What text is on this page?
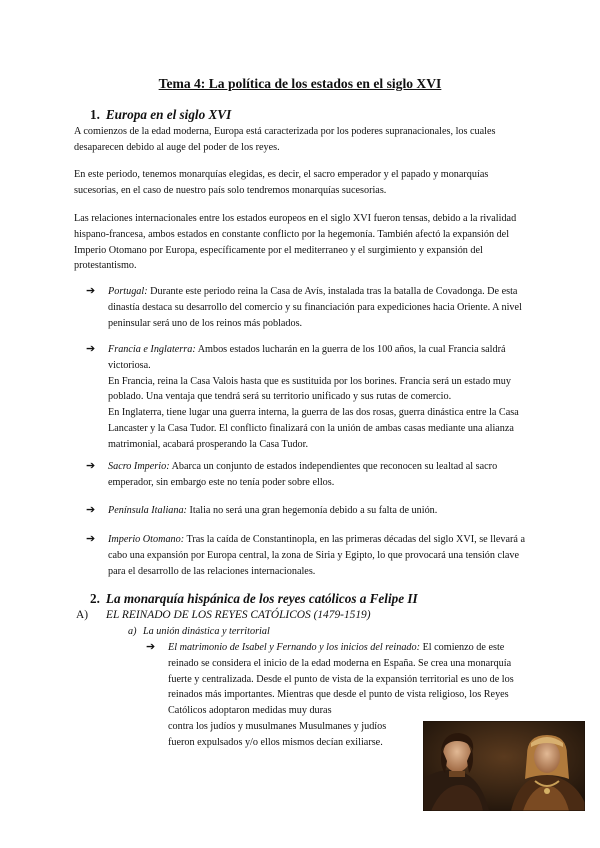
Tema 4: La política de los estados en el siglo XVI
1. Europa en el siglo XVI

A comienzos de la edad moderna, Europa está caracterizada por los poderes supranacionales, los cuales desaparecen debido al auge del poder de los reyes.

En este periodo, tenemos monarquías elegidas, es decir, el sacro emperador y el papado y monarquías sucesorias, en el caso de nuestro país solo tendremos monarquías sucesorias.

Las relaciones internacionales entre los estados europeos en el siglo XVI fueron tensas, debido a la rivalidad hispano-francesa, ambos estados en constante conflicto por la hegemonía. También afectó la expansión del Imperio Otomano por Europa, específicamente por el mediterraneo y el surgimiento y expansión del protestantismo.

➔ Portugal: Durante este periodo reina la Casa de Avís, instalada tras la batalla de Covadonga. De esta dinastía destaca su desarrollo del comercio y su financiación para expediciones hacia Oriente. A nivel peninsular será uno de los reinos más poblados.

➔ Francia e Inglaterra: Ambos estados lucharán en la guerra de los 100 años, la cual Francia saldrá victoriosa.
En Francia, reina la Casa Valois hasta que es sustituida por los borines. Francia será un estado muy poblado. Una ventaja que tendrá será su territorio unificado y sus rutas de comercio.
En Inglaterra, tiene lugar una guerra interna, la guerra de las dos rosas, guerra dinástica entre la Casa Lancaster y la Casa Tudor. El conflicto finalizará con la unión de ambas casas mediante una alianza matrimonial, acabará prosperando la Casa Tudor.
➔ Sacro Imperio: Abarca un conjunto de estados independientes que reconocen su lealtad al sacro emperador, sin embargo este no tenía poder sobre ellos.

➔ Península Italiana: Italia no será una gran hegemonía debido a su falta de unión.

➔ Imperio Otomano: Tras la caída de Constantinopla, en las primeras décadas del siglo XVI, se llevará a cabo una expansión por Europa central, la zona de Siria y Egipto, lo que provocará una tensión clave para el desarrollo de las relaciones internacionales.

2. La monarquía hispánica de los reyes católicos a Felipe II

A) EL REINADO DE LOS REYES CATÓLICOS (1479-1519)

a) La unión dinástica y territorial

➔ El matrimonio de Isabel y Fernando y los inicios del reinado: El comienzo de este reinado se considera el inicio de la edad moderna en España. Se crea una monarquía fuerte y centralizada. Desde el punto de vista de la expansión territorial es uno de los reinados más importantes. Mientras que desde el punto de vista religioso, los Reyes Católicos adoptaron medidas muy duras

contra los judíos y musulmanes Musulmanes y judíos fueron expulsados y/o ellos mismos decían exiliarse.
